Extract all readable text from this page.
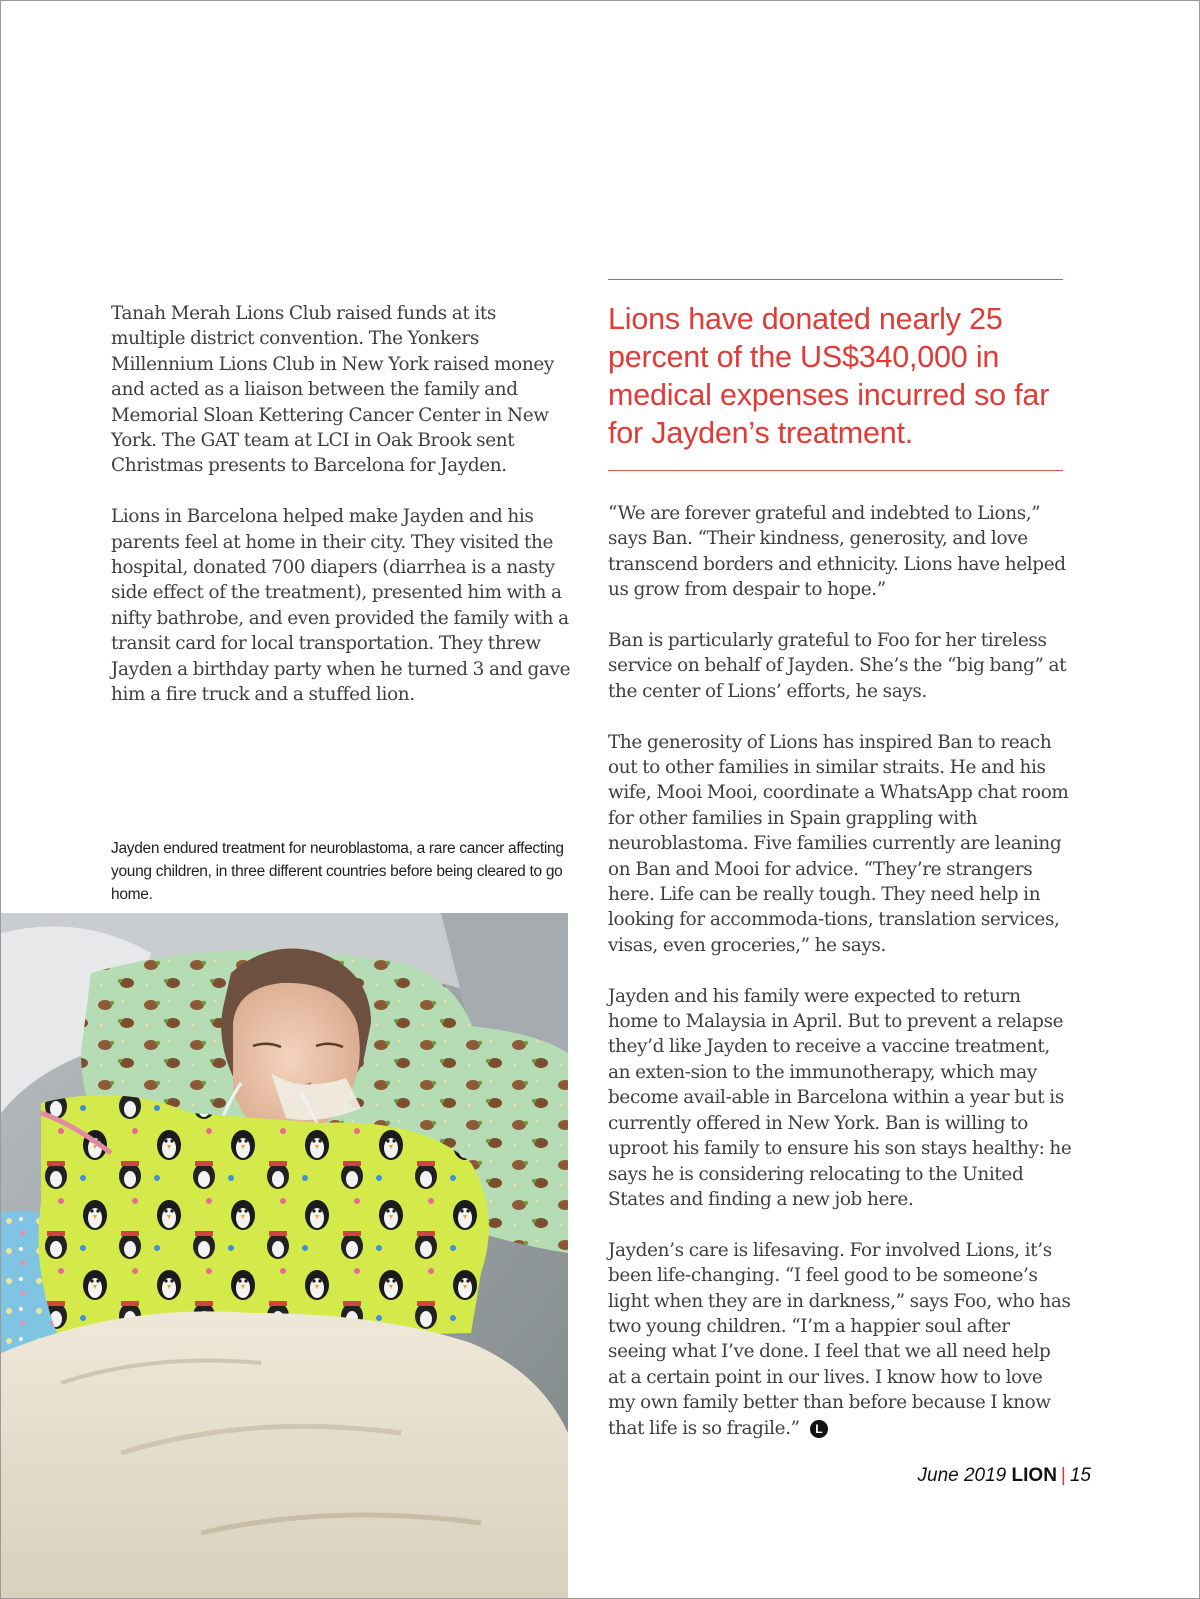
Tanah Merah Lions Club raised funds at its multiple district convention. The Yonkers Millennium Lions Club in New York raised money and acted as a liaison between the family and Memorial Sloan Kettering Cancer Center in New York. The GAT team at LCI in Oak Brook sent Christmas presents to Barcelona for Jayden.

Lions in Barcelona helped make Jayden and his parents feel at home in their city. They visited the hospital, donated 700 diapers (diarrhea is a nasty side effect of the treatment), presented him with a nifty bathrobe, and even provided the family with a transit card for local transportation. They threw Jayden a birthday party when he turned 3 and gave him a fire truck and a stuffed lion.

Lions have donated nearly 25 percent of the US$340,000 in medical expenses incurred so far for Jayden’s treatment.
Jayden endured treatment for neuroblastoma, a rare cancer affecting young children, in three different countries before being cleared to go home.

“We are forever grateful and indebted to Lions,” says Ban. “Their kindness, generosity, and love transcend borders and ethnicity. Lions have helped us grow from despair to hope.”

Ban is particularly grateful to Foo for her tireless service on behalf of Jayden. She’s the “big bang” at the center of Lions’ efforts, he says.

The generosity of Lions has inspired Ban to reach out to other families in similar straits. He and his wife, Mooi Mooi, coordinate a WhatsApp chat room for other families in Spain grappling with neuroblastoma. Five families currently are leaning on Ban and Mooi for advice. “They’re strangers here. Life can be really tough. They need help in looking for accommoda-tions, translation services, visas, even groceries,” he says.

Jayden and his family were expected to return home to Malaysia in April. But to prevent a relapse they’d like Jayden to receive a vaccine treatment, an exten-sion to the immunotherapy, which may become avail-able in Barcelona within a year but is currently offered in New York. Ban is willing to uproot his family to ensure his son stays healthy: he says he is considering relocating to the United States and finding a new job here.

Jayden’s care is lifesaving. For involved Lions, it’s been life-changing. “I feel good to be someone’s light when they are in darkness,” says Foo, who has two young children. “I’m a happier soul after seeing what I’ve done. I feel that we all need help at a certain point in our lives. I know how to love my own family better than before because I know that life is so fragile.” L

June 2019 LION | 15
